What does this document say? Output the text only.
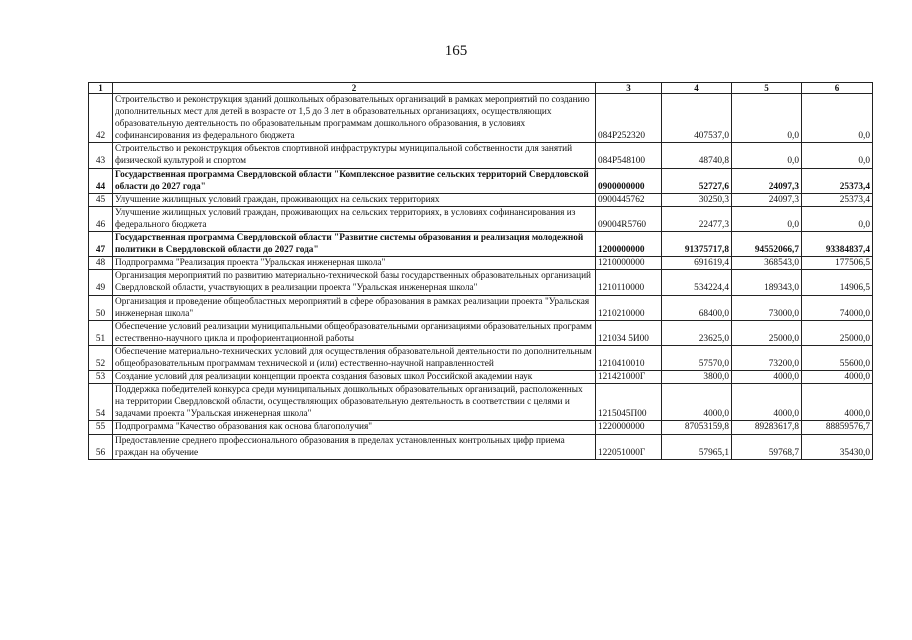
165
1	2	3	4	5	6
42	Строительство и реконструкция зданий дошкольных образовательных организаций в рамках мероприятий по созданию дополнительных мест для детей в возрасте от 1,5 до 3 лет в образовательных организациях, осуществляющих образовательную деятельность по образовательным программам дошкольного образования, в условиях софинансирования из федерального бюджета	084P252320	407537,0	0,0	0,0
43	Строительство и реконструкция объектов спортивной инфраструктуры муниципальной собственности для занятий физической культурой и спортом	084P548100	48740,8	0,0	0,0
44	Государственная программа Свердловской области "Комплексное развитие сельских территорий Свердловской области до 2027 года"	0900000000	52727,6	24097,3	25373,4
45	Улучшение жилищных условий граждан, проживающих на сельских территориях	0900445762	30250,3	24097,3	25373,4
46	Улучшение жилищных условий граждан, проживающих на сельских территориях, в условиях софинансирования из федерального бюджета	09004R5760	22477,3	0,0	0,0
47	Государственная программа Свердловской области "Развитие системы образования и реализация молодежной политики в Свердловской области до 2027 года"	1200000000	91375717,8	94552066,7	93384837,4
48	Подпрограмма "Реализация проекта "Уральская инженерная школа"	1210000000	691619,4	368543,0	177506,5
49	Организация мероприятий по развитию материально-технической базы государственных образовательных организаций Свердловской области, участвующих в реализации проекта "Уральская инженерная школа"	1210110000	534224,4	189343,0	14906,5
50	Организация и проведение общеобластных мероприятий в сфере образования в рамках реализации проекта "Уральская инженерная школа"	1210210000	68400,0	73000,0	74000,0
51	Обеспечение условий реализации муниципальными общеобразовательными организациями образовательных программ естественно-научного цикла и профориентационной работы	121034 5И00	23625,0	25000,0	25000,0
52	Обеспечение материально-технических условий для осуществления образовательной деятельности по дополнительным общеобразовательным программам технической и (или) естественно-научной направленностей	1210410010	57570,0	73200,0	55600,0
53	Создание условий для реализации концепции проекта создания базовых школ Российской академии наук	121421000Г	3800,0	4000,0	4000,0
54	Поддержка победителей конкурса среди муниципальных дошкольных образовательных организаций, расположенных на территории Свердловской области, осуществляющих образовательную деятельность в соответствии с целями и задачами проекта "Уральская инженерная школа"	1215045П00	4000,0	4000,0	4000,0
55	Подпрограмма "Качество образования как основа благополучия"	1220000000	87053159,8	89283617,8	88859576,7
56	Предоставление среднего профессионального образования в пределах установленных контрольных цифр приема граждан на обучение	122051000Г	57965,1	59768,7	35430,0
